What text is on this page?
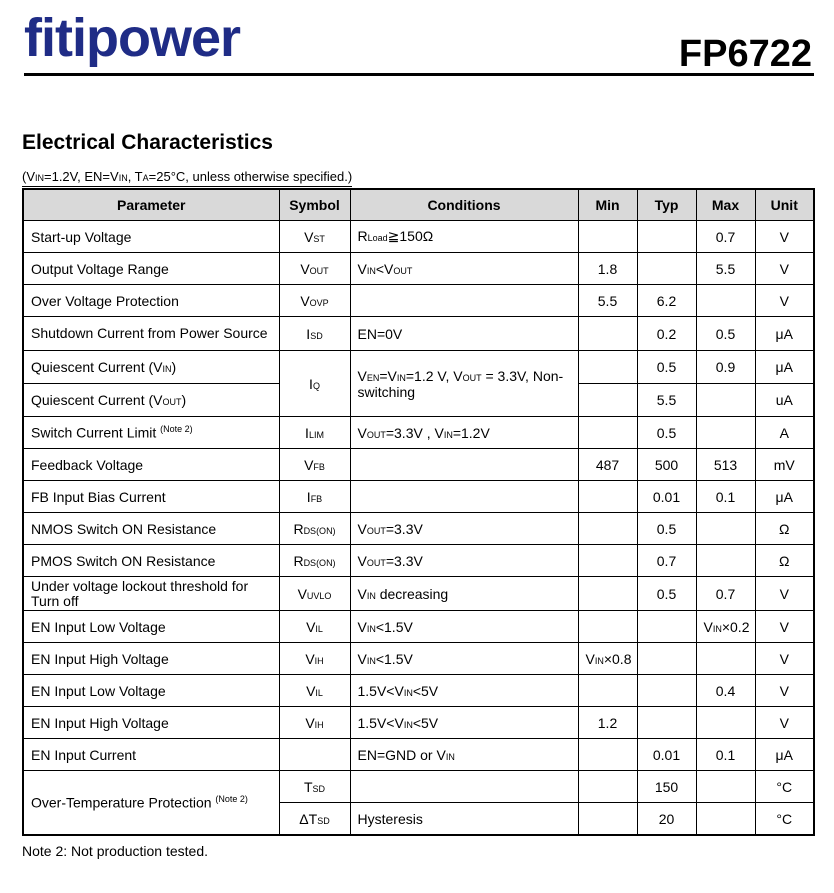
fitipower	FP6722
Electrical Characteristics
(VIN=1.2V, EN=VIN, TA=25°C, unless otherwise specified.)
Parameter	Symbol	Conditions	Min	Typ	Max	Unit
Start-up Voltage	VST	RLoad≧150Ω			0.7	V
Output Voltage Range	VOUT	VIN<VOUT	1.8		5.5	V
Over Voltage Protection	VOVP		5.5	6.2		V
Shutdown Current from Power Source	ISD	EN=0V		0.2	0.5	μA
Quiescent Current (VIN)	IQ	VEN=VIN=1.2 V, VOUT = 3.3V, Non-switching		0.5	0.9	μA
Quiescent Current (VOUT)				5.5		uA
Switch Current Limit $^{(Note 2)}$	ILIM	VOUT=3.3V , VIN=1.2V		0.5		A
Feedback Voltage	VFB		487	500	513	mV
FB Input Bias Current	IFB			0.01	0.1	μA
NMOS Switch ON Resistance	RDS(ON)	VOUT=3.3V		0.5		Ω
PMOS Switch ON Resistance	RDS(ON)	VOUT=3.3V		0.7		Ω
Under voltage lockout threshold for Turn off	VUVLO	VIN decreasing		0.5	0.7	V
EN Input Low Voltage	VIL	VIN<1.5V			VIN×0.2	V
EN Input High Voltage	VIH	VIN<1.5V	VIN×0.8			V
EN Input Low Voltage	VIL	1.5V<VIN<5V			0.4	V
EN Input High Voltage	VIH	1.5V<VIN<5V	1.2			V
EN Input Current		EN=GND or VIN		0.01	0.1	μA
Over-Temperature Protection $^{(Note 2)}$	TSD			150		°C
	ΔTSD	Hysteresis		20		°C
Note 2: Not production tested.
